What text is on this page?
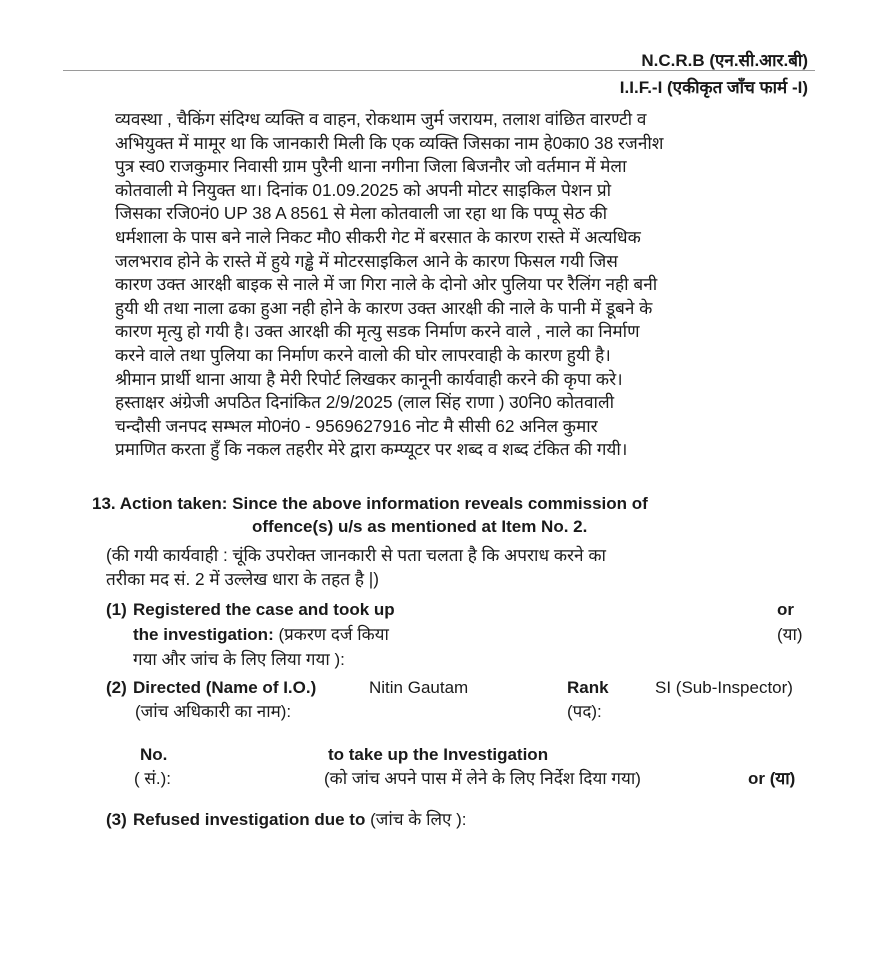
N.C.R.B (एन.सी.आर.बी)
I.I.F.-I (एकीकृत जाँच फार्म -I)
व्यवस्था , चैकिंग संदिग्ध व्यक्ति व वाहन, रोकथाम जुर्म जरायम, तलाश वांछित वारण्टी व
अभियुक्त में मामूर था कि जानकारी मिली कि एक व्यक्ति जिसका नाम हे0का0 38 रजनीश
पुत्र स्व0 राजकुमार निवासी ग्राम पुरैनी थाना नगीना जिला बिजनौर जो वर्तमान में मेला
कोतवाली मे नियुक्त था। दिनांक 01.09.2025 को अपनी मोटर साइकिल पेशन प्रो
जिसका रजि0नं0 UP 38 A 8561 से मेला कोतवाली जा रहा था कि पप्पू सेठ की
धर्मशाला के पास बने नाले निकट मौ0 सीकरी गेट में बरसात के कारण रास्ते में अत्यधिक
जलभराव होने के रास्ते में हुये गड्ढे में मोटरसाइकिल आने के कारण फिसल गयी जिस
कारण उक्त आरक्षी बाइक से नाले में जा गिरा नाले के दोनो ओर पुलिया पर रैलिंग नही बनी
हुयी थी तथा नाला ढका हुआ नही होने के कारण उक्त आरक्षी की नाले के पानी में डूबने के
कारण मृत्यु हो गयी है। उक्त आरक्षी की मृत्यु सडक निर्माण करने वाले , नाले का निर्माण
करने वाले तथा पुलिया का निर्माण करने वालो की घोर लापरवाही के कारण हुयी है।
श्रीमान प्रार्थी थाना आया है मेरी रिपोर्ट लिखकर कानूनी कार्यवाही करने की कृपा करे।
हस्ताक्षर अंग्रेजी अपठित दिनांकित 2/9/2025 (लाल सिंह राणा ) उ0नि0 कोतवाली
चन्दौसी जनपद सम्भल मो0नं0 - 9569627916 नोट मै सीसी 62 अनिल कुमार
प्रमाणित करता हुँ कि नकल तहरीर मेरे द्वारा कम्प्यूटर पर शब्द व शब्द टंकित की गयी।
13. Action taken: Since the above information reveals commission of
offence(s) u/s as mentioned at Item No. 2.
(की गयी कार्यवाही : चूंकि उपरोक्त जानकारी से पता चलता है कि अपराध करने का
तरीका मद सं. 2 में उल्लेख धारा के तहत है |)
(1) Registered the case and took up	or
the investigation: (प्रकरण दर्ज किया	(या)
गया और जांच के लिए लिया गया ):
(2) Directed (Name of I.O.)	Nitin Gautam	Rank	SI (Sub-Inspector)
(जांच अधिकारी का नाम):	(पद):
No.	to take up the Investigation
( सं.):	(को जांच अपने पास में लेने के लिए निर्देश दिया गया)	or (या)
(3) Refused investigation due to (जांच के लिए ):
